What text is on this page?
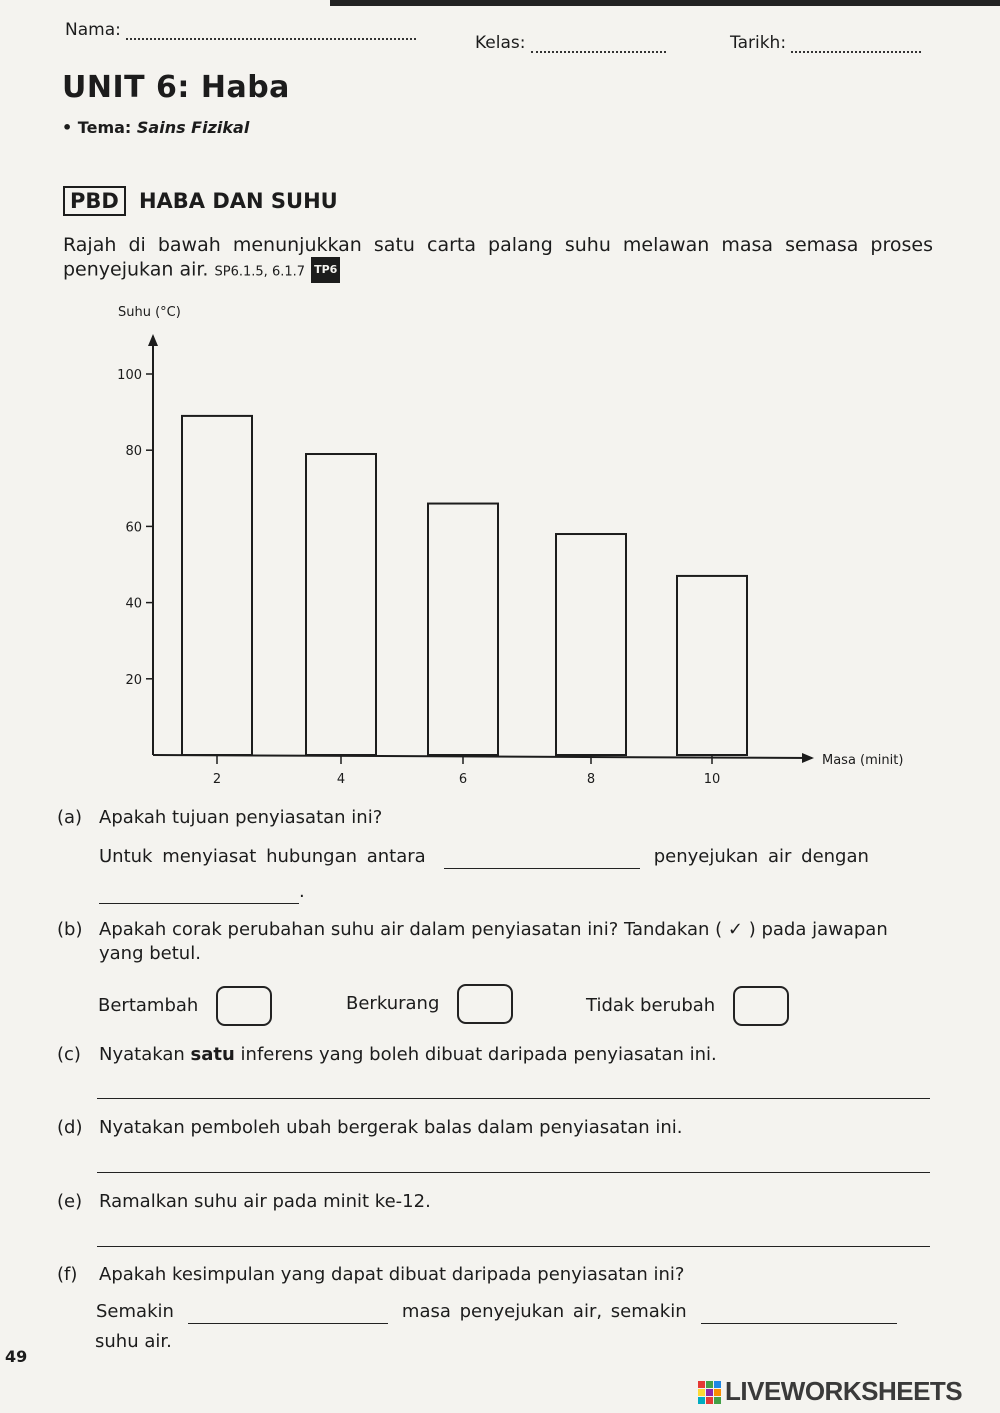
Nama:
Kelas:	Tarikh:
UNIT 6: Haba
• Tema: Sains Fizikal
PBD HABA DAN SUHU
Rajah di bawah menunjukkan satu carta palang suhu melawan masa semasa proses
penyejukan air. SP6.1.5, 6.1.7 TP6
Suhu (°C)
Masa (minit)
20
40
60
80
100
2	4	6	8	10
(a) Apakah tujuan penyiasatan ini?
Untuk menyiasat hubungan antara	penyejukan air dengan
.
(b) Apakah corak perubahan suhu air dalam penyiasatan ini? Tandakan ( ✓ ) pada jawapan
yang betul.
Bertambah	Berkurang	Tidak berubah
(c) Nyatakan satu inferens yang boleh dibuat daripada penyiasatan ini.
(d) Nyatakan pemboleh ubah bergerak balas dalam penyiasatan ini.
(e) Ramalkan suhu air pada minit ke-12.
(f) Apakah kesimpulan yang dapat dibuat daripada penyiasatan ini?
Semakin	masa penyejukan air, semakin
suhu air.
49
LIVEWORKSHEETS
